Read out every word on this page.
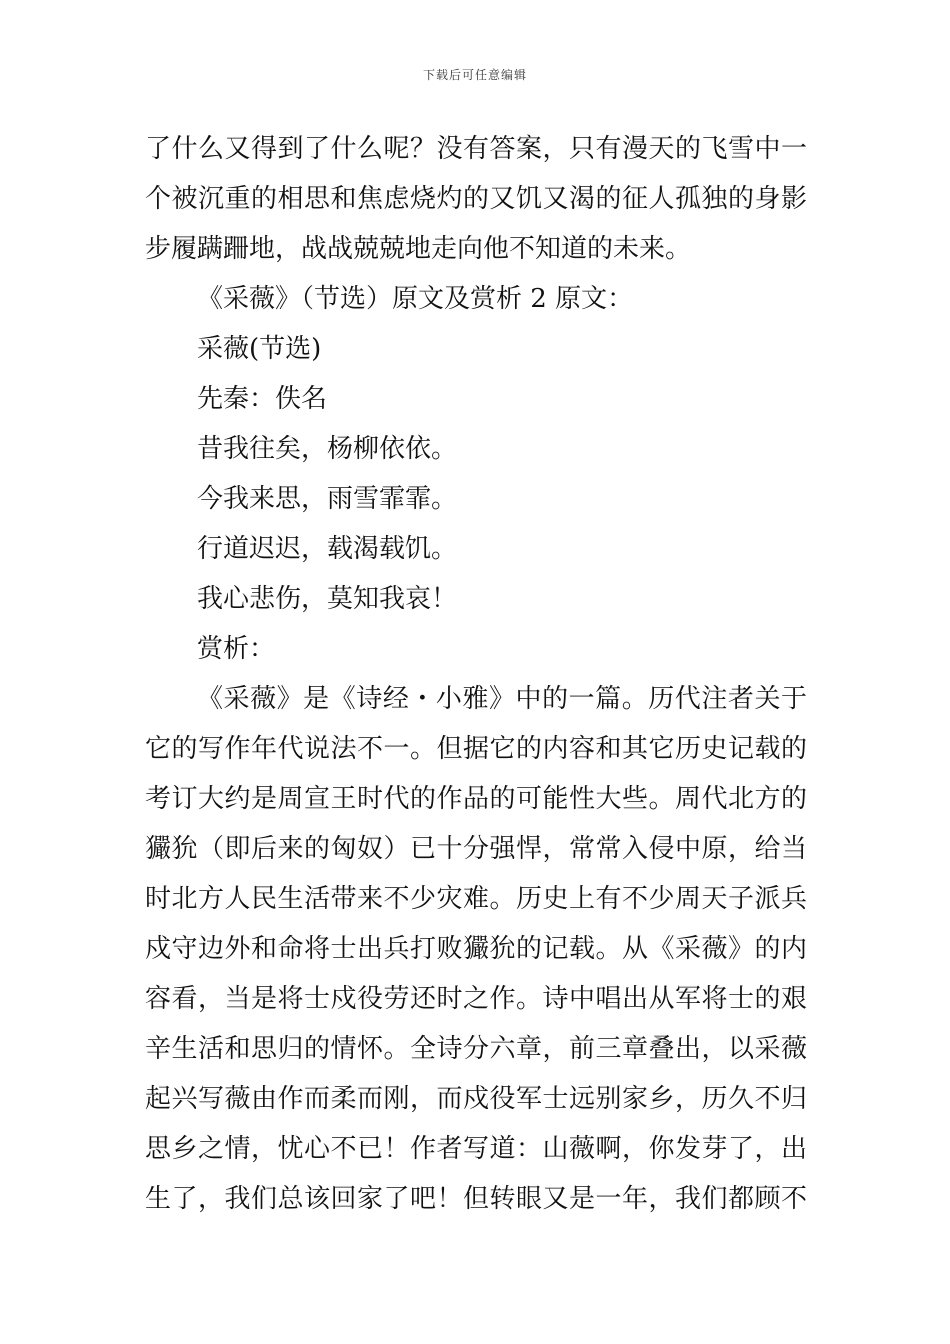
下载后可任意编辑
了什么又得到了什么呢？没有答案，只有漫天的飞雪中一
个被沉重的相思和焦虑烧灼的又饥又渴的征人孤独的身影
步履蹒跚地，战战兢兢地走向他不知道的未来。
《采薇》（节选）原文及赏析 2 原文：
采薇(节选)
先秦：佚名
昔我往矣，杨柳依依。
今我来思，雨雪霏霏。
行道迟迟，载渴载饥。
我心悲伤，莫知我哀！
赏析：
《采薇》是《诗经・小雅》中的一篇。历代注者关于
它的写作年代说法不一。但据它的内容和其它历史记载的
考订大约是周宣王时代的作品的可能性大些。周代北方的
玁狁（即后来的匈奴）已十分强悍，常常入侵中原，给当
时北方人民生活带来不少灾难。历史上有不少周天子派兵
戍守边外和命将士出兵打败玁狁的记载。从《采薇》的内
容看，当是将士戍役劳还时之作。诗中唱出从军将士的艰
辛生活和思归的情怀。全诗分六章，前三章叠出，以采薇
起兴写薇由作而柔而刚，而戍役军士远别家乡，历久不归
思乡之情，忧心不已！作者写道：山薇啊，你发芽了，出
生了，我们总该回家了吧！但转眼又是一年，我们都顾不
